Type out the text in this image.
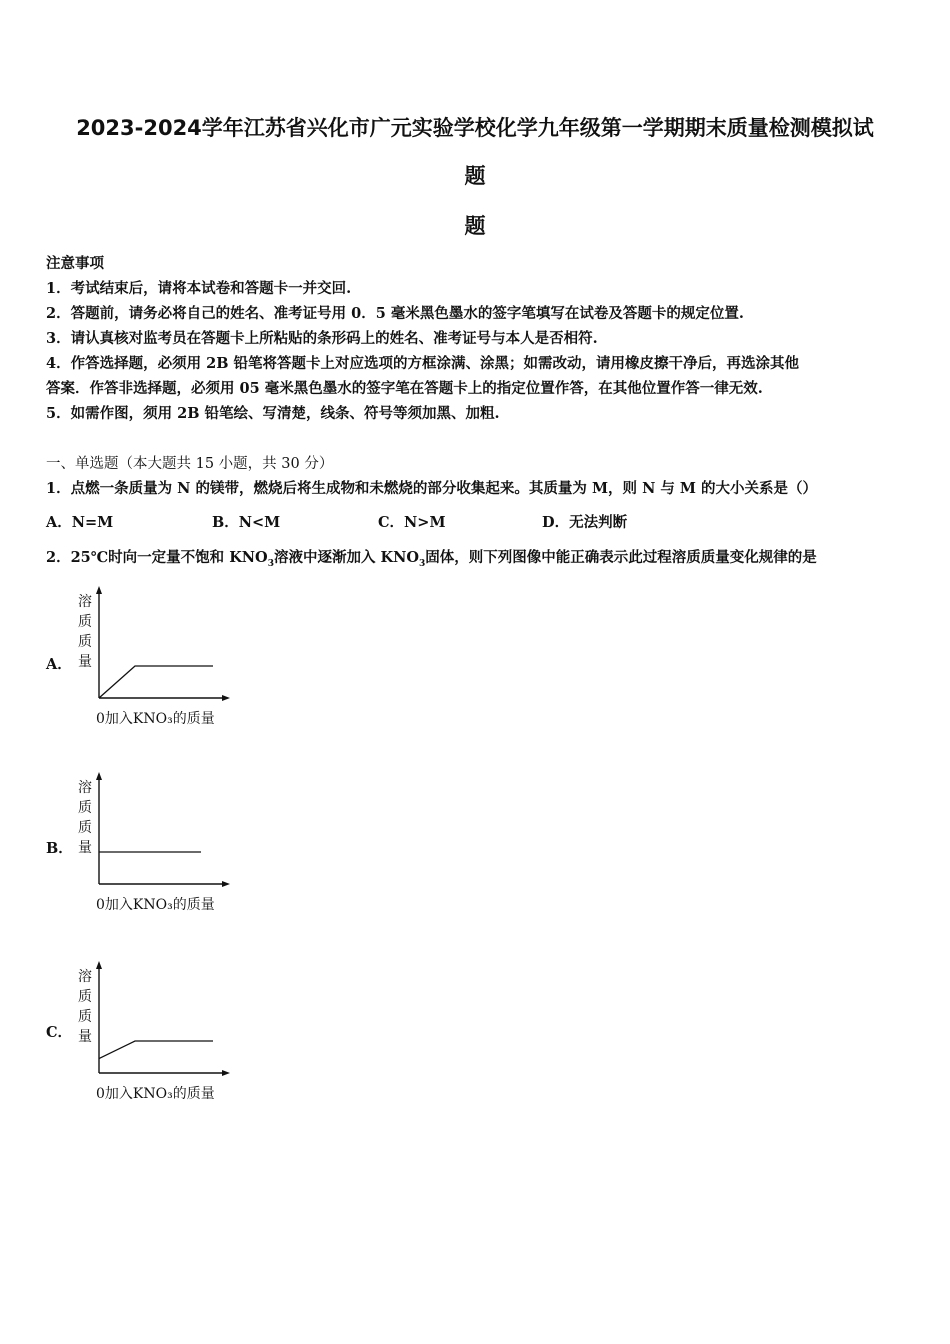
2023-2024学年江苏省兴化市广元实验学校化学九年级第一学期期末质量检测模拟试
题
题
注意事项
1．考试结束后，请将本试卷和答题卡一并交回.
2．答题前，请务必将自己的姓名、准考证号用 0．5 毫米黑色墨水的签字笔填写在试卷及答题卡的规定位置.
3．请认真核对监考员在答题卡上所粘贴的条形码上的姓名、准考证号与本人是否相符.
4．作答选择题，必须用 2B 铅笔将答题卡上对应选项的方框涂满、涂黑；如需改动，请用橡皮擦干净后，再选涂其他
答案．作答非选择题，必须用 05 毫米黑色墨水的签字笔在答题卡上的指定位置作答，在其他位置作答一律无效.
5．如需作图，须用 2B 铅笔绘、写清楚，线条、符号等须加黑、加粗.
一、单选题（本大题共 15 小题，共 30 分）
1．点燃一条质量为 N 的镁带，燃烧后将生成物和未燃烧的部分收集起来。其质量为 M，则 N 与 M 的大小关系是（）
A．N=M	B．N<M	C．N>M	D．无法判断
2．25℃时向一定量不饱和 $KNO_3$溶液中逐渐加入 $KNO_3$固体，则下列图像中能正确表示此过程溶质质量变化规律的是
A．
溶
质
质
量
0加入KNO₃的质量
B．
溶
质
质
量
0加入KNO₃的质量
C．
溶
质
质
量
0加入KNO₃的质量
